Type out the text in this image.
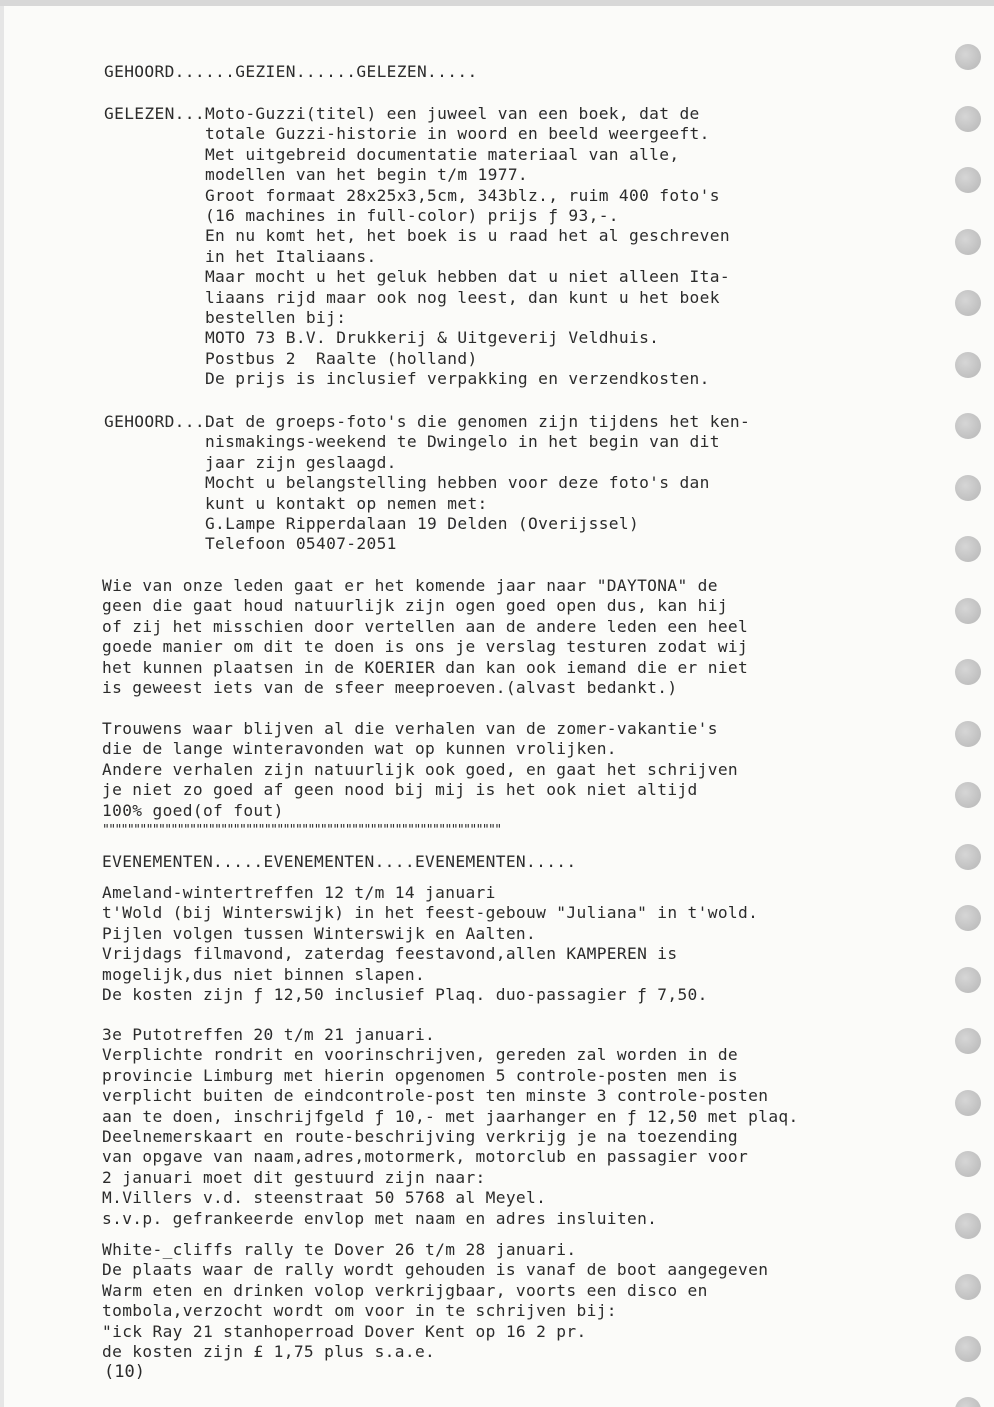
GEHOORD......GEZIEN......GELEZEN.....
GELEZEN...Moto-Guzzi(titel) een juweel van een boek, dat de
totale Guzzi-historie in woord en beeld weergeeft.
Met uitgebreid documentatie materiaal van alle,
modellen van het begin t/m 1977.
Groot formaat 28x25x3,5cm, 343blz., ruim 400 foto's
(16 machines in full-color) prijs ƒ 93,-.
En nu komt het, het boek is u raad het al geschreven
in het Italiaans.
Maar mocht u het geluk hebben dat u niet alleen Ita-
liaans rijd maar ook nog leest, dan kunt u het boek
bestellen bij:
MOTO 73 B.V. Drukkerij & Uitgeverij Veldhuis.
Postbus 2  Raalte (holland)
De prijs is inclusief verpakking en verzendkosten.
GEHOORD...Dat de groeps-foto's die genomen zijn tijdens het ken-
nismakings-weekend te Dwingelo in het begin van dit
jaar zijn geslaagd.
Mocht u belangstelling hebben voor deze foto's dan
kunt u kontakt op nemen met:
G.Lampe Ripperdalaan 19 Delden (Overijssel)
Telefoon 05407-2051
Wie van onze leden gaat er het komende jaar naar "DAYTONA" de
geen die gaat houd natuurlijk zijn ogen goed open dus, kan hij
of zij het misschien door vertellen aan de andere leden een heel
goede manier om dit te doen is ons je verslag testuren zodat wij
het kunnen plaatsen in de KOERIER dan kan ook iemand die er niet
is geweest iets van de sfeer meeproeven.(alvast bedankt.)
Trouwens waar blijven al die verhalen van de zomer-vakantie's
die de lange winteravonden wat op kunnen vrolijken.
Andere verhalen zijn natuurlijk ook goed, en gaat het schrijven
je niet zo goed af geen nood bij mij is het ook niet altijd
100% goed(of fout)
""""""""""""""""""""""""""""""""""""""""""""""""""""""""""""""""
EVENEMENTEN.....EVENEMENTEN....EVENEMENTEN.....
Ameland-wintertreffen 12 t/m 14 januari
t'Wold (bij Winterswijk) in het feest-gebouw "Juliana" in t'wold.
Pijlen volgen tussen Winterswijk en Aalten.
Vrijdags filmavond, zaterdag feestavond,allen KAMPEREN is
mogelijk,dus niet binnen slapen.
De kosten zijn ƒ 12,50 inclusief Plaq. duo-passagier ƒ 7,50.
3e Putotreffen 20 t/m 21 januari.
Verplichte rondrit en voorinschrijven, gereden zal worden in de
provincie Limburg met hierin opgenomen 5 controle-posten men is
verplicht buiten de eindcontrole-post ten minste 3 controle-posten
aan te doen, inschrijfgeld ƒ 10,- met jaarhanger en ƒ 12,50 met plaq.
Deelnemerskaart en route-beschrijving verkrijg je na toezending
van opgave van naam,adres,motormerk, motorclub en passagier voor
2 januari moet dit gestuurd zijn naar:
M.Villers v.d. steenstraat 50 5768 al Meyel.
s.v.p. gefrankeerde envlop met naam en adres insluiten.
White-_cliffs rally te Dover 26 t/m 28 januari.
De plaats waar de rally wordt gehouden is vanaf de boot aangegeven
Warm eten en drinken volop verkrijgbaar, voorts een disco en
tombola,verzocht wordt om voor in te schrijven bij:
"ick Ray 21 stanhoperroad Dover Kent op 16 2 pr.
de kosten zijn £ 1,75 plus s.a.e.
(10)
